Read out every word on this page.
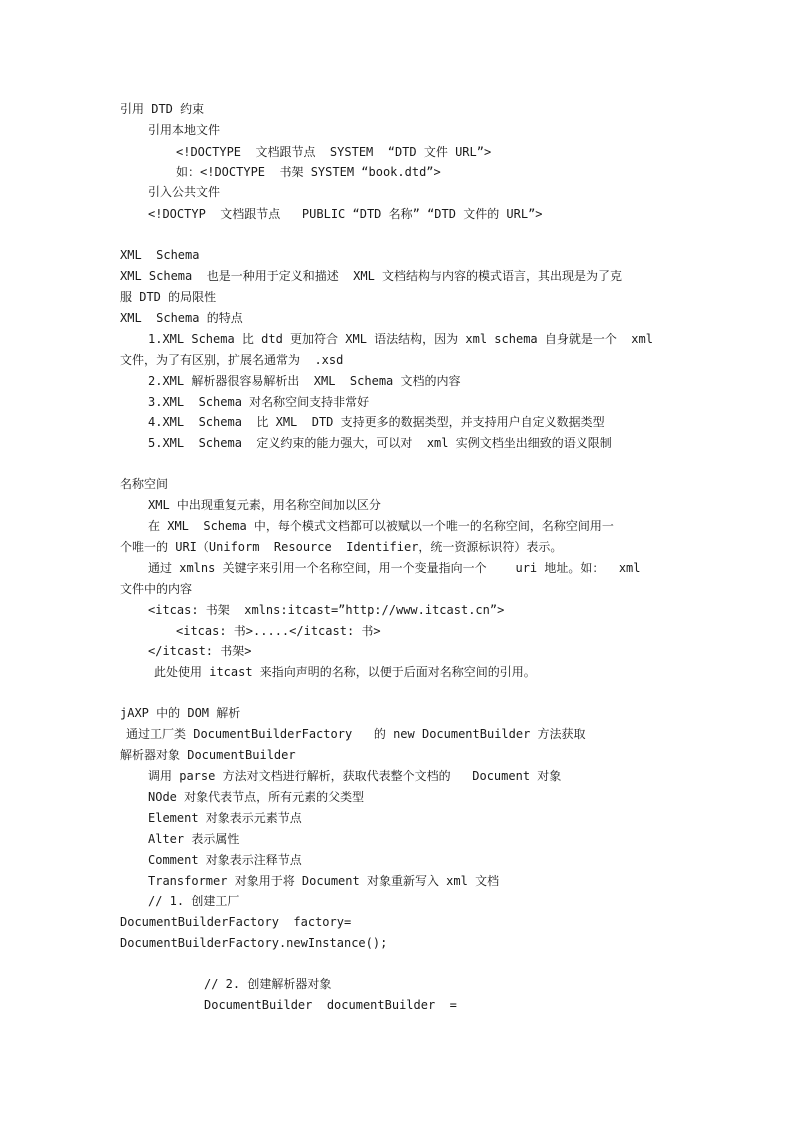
引用 DTD 约束
引用本地文件
<!DOCTYPE  文档跟节点  SYSTEM  “DTD 文件 URL”>
如：<!DOCTYPE  书架 SYSTEM “book.dtd”>
引入公共文件
<!DOCTYP  文档跟节点   PUBLIC “DTD 名称” “DTD 文件的 URL”>
XML  Schema
XML Schema  也是一种用于定义和描述  XML 文档结构与内容的模式语言，其出现是为了克
服 DTD 的局限性
XML  Schema 的特点
1.XML Schema 比 dtd 更加符合 XML 语法结构，因为 xml schema 自身就是一个  xml
文件，为了有区别，扩展名通常为  .xsd
2.XML 解析器很容易解析出  XML  Schema 文档的内容
3.XML  Schema 对名称空间支持非常好
4.XML  Schema  比 XML  DTD 支持更多的数据类型，并支持用户自定义数据类型
5.XML  Schema  定义约束的能力强大，可以对  xml 实例文档坐出细致的语义限制
名称空间
XML 中出现重复元素，用名称空间加以区分
在 XML  Schema 中，每个模式文档都可以被赋以一个唯一的名称空间，名称空间用一
个唯一的 URI（Uniform  Resource  Identifier，统一资源标识符）表示。
通过 xmlns 关键字来引用一个名称空间，用一个变量指向一个    uri 地址。如：  xml
文件中的内容
<itcas: 书架  xmlns:itcast=”http://www.itcast.cn”>
<itcas: 书>.....</itcast: 书>
</itcast: 书架>
此处使用 itcast 来指向声明的名称，以便于后面对名称空间的引用。
jAXP 中的 DOM 解析
通过工厂类 DocumentBuilderFactory   的 new DocumentBuilder 方法获取
解析器对象 DocumentBuilder
调用 parse 方法对文档进行解析，获取代表整个文档的   Document 对象
NOde 对象代表节点，所有元素的父类型
Element 对象表示元素节点
Alter 表示属性
Comment 对象表示注释节点
Transformer 对象用于将 Document 对象重新写入 xml 文档
// 1. 创建工厂
DocumentBuilderFactory  factory=
DocumentBuilderFactory.newInstance();
// 2. 创建解析器对象
DocumentBuilder  documentBuilder  =
